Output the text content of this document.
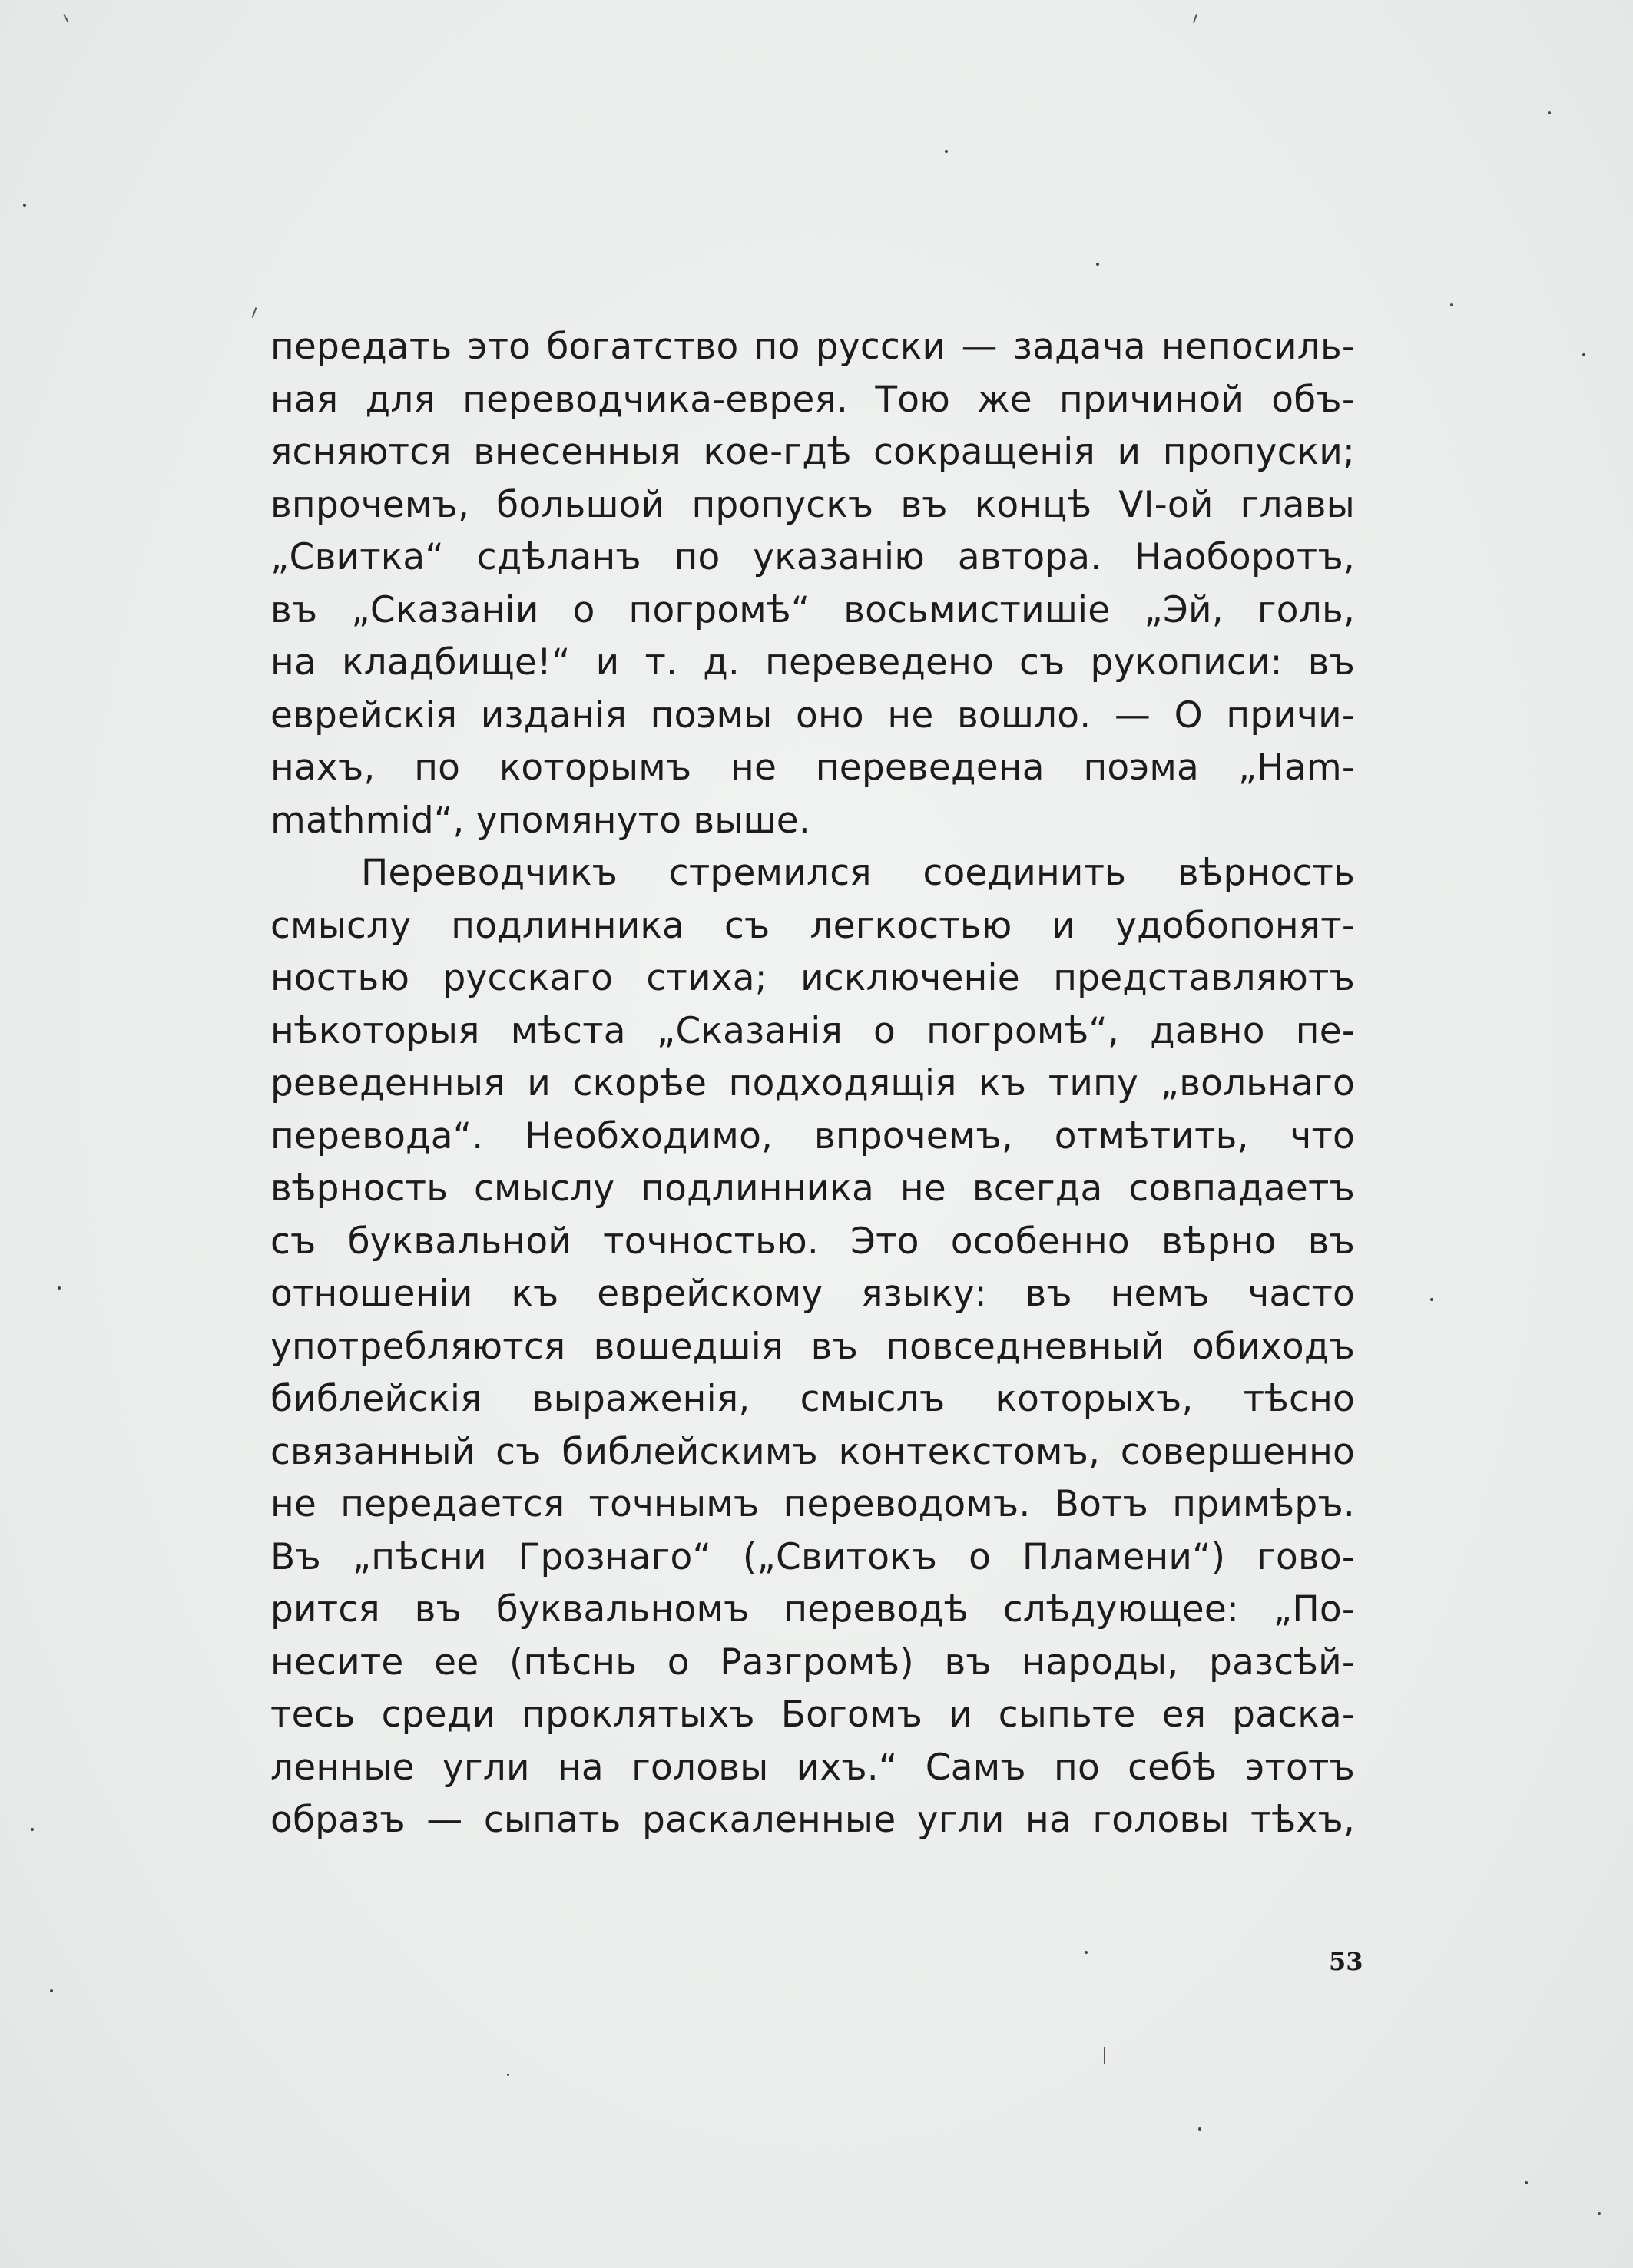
передать это богатство по русски — задача непосиль-
ная для переводчика-еврея. Тою же причиной объ-
ясняются внесенныя кое-гдѣ сокращенія и пропуски;
впрочемъ, большой пропускъ въ концѣ VI-ой главы
„Свитка“ сдѣланъ по указанію автора. Наоборотъ,
въ „Сказаніи о погромѣ“ восьмистишіе „Эй, голь,
на кладбище!“ и т. д. переведено съ рукописи: въ
еврейскія изданія поэмы оно не вошло. — О причи-
нахъ, по которымъ не переведена поэма „Ham-
mathmid“, упомянуто выше.
Переводчикъ стремился соединить вѣрность
смыслу подлинника съ легкостью и удобопонят-
ностью русскаго стиха; исключеніе представляютъ
нѣкоторыя мѣста „Сказанія о погромѣ“, давно пе-
реведенныя и скорѣе подходящія къ типу „вольнаго
перевода“. Необходимо, впрочемъ, отмѣтить, что
вѣрность смыслу подлинника не всегда совпадаетъ
съ буквальной точностью. Это особенно вѣрно въ
отношеніи къ еврейскому языку: въ немъ часто
употребляются вошедшія въ повседневный обиходъ
библейскія выраженія, смыслъ которыхъ, тѣсно
связанный съ библейскимъ контекстомъ, совершенно
не передается точнымъ переводомъ. Вотъ примѣръ.
Въ „пѣсни Грознаго“ („Свитокъ о Пламени“) гово-
рится въ буквальномъ переводѣ слѣдующее: „По-
несите ее (пѣснь о Разгромѣ) въ народы, разсѣй-
тесь среди проклятыхъ Богомъ и сыпьте ея раска-
ленные угли на головы ихъ.“ Самъ по себѣ этотъ
образъ — сыпать раскаленные угли на головы тѣхъ,
53
